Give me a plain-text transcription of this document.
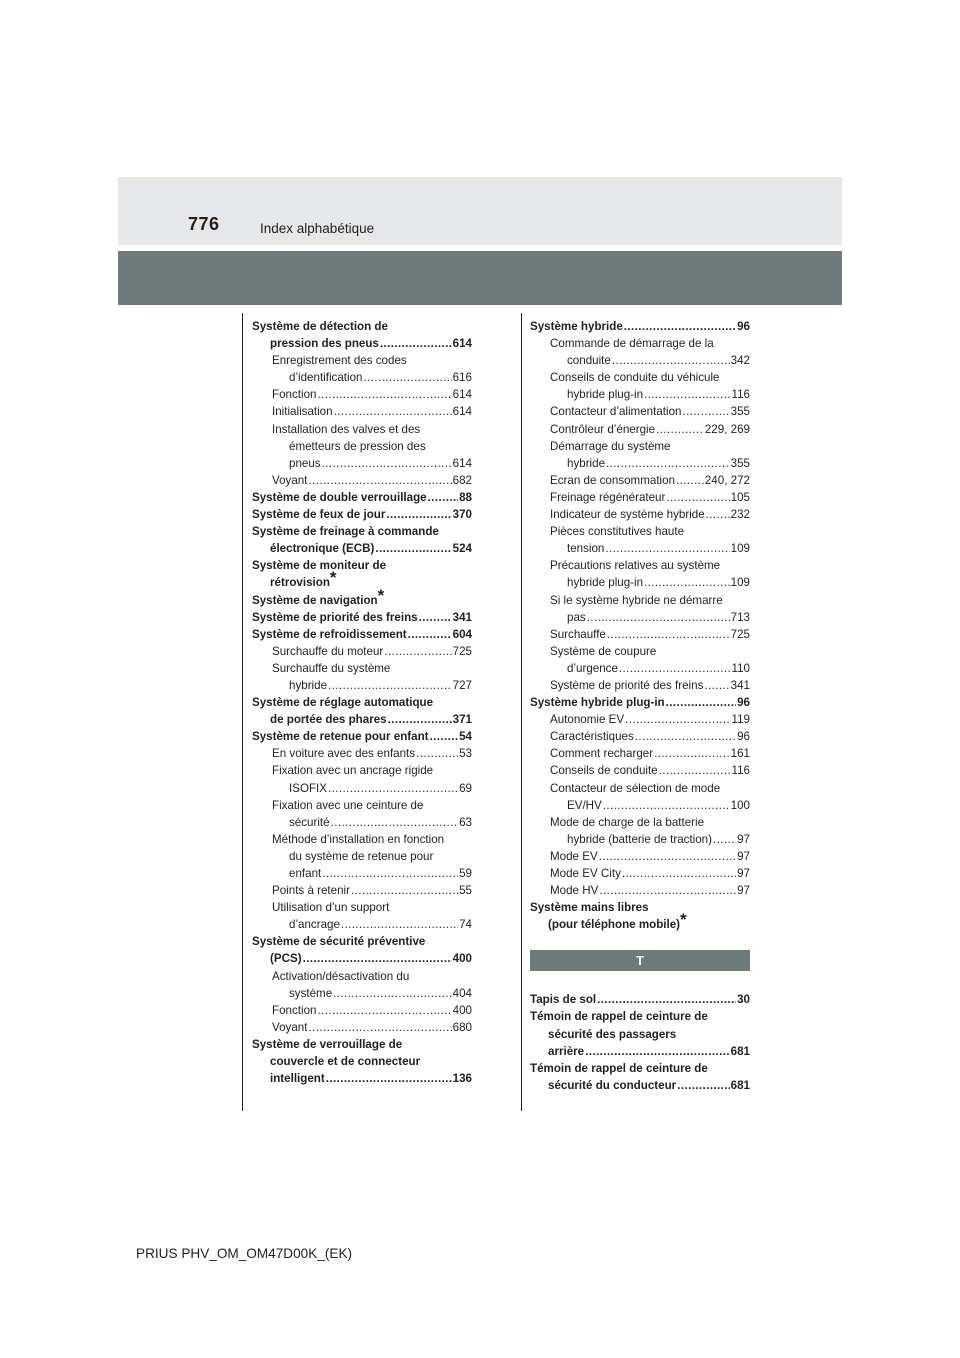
776	Index alphabétique
Système de détection de
pression des pneus .....	614
Enregistrement des codes
d’identification .....	616
Fonction .....	614
Initialisation .....	614
Installation des valves et des
émetteurs de pression des
pneus .....	614
Voyant .....	682
Système de double verrouillage .....	88
Système de feux de jour .....	370
Système de freinage à commande
électronique (ECB) .....	524
Système de moniteur de
rétrovision*
Système de navigation*
Système de priorité des freins .....	341
Système de refroidissement .....	604
Surchauffe du moteur .....	725
Surchauffe du système
hybride .....	727
Système de réglage automatique
de portée des phares .....	371
Système de retenue pour enfant .....	54
En voiture avec des enfants .....	53
Fixation avec un ancrage rigide
ISOFIX .....	69
Fixation avec une ceinture de
sécurité .....	63
Méthode d’installation en fonction
du système de retenue pour
enfant .....	59
Points à retenir .....	55
Utilisation d’un support
d’ancrage .....	74
Système de sécurité préventive
(PCS) .....	400
Activation/désactivation du
système .....	404
Fonction .....	400
Voyant .....	680
Système de verrouillage de
couvercle et de connecteur
intelligent .....	136
Système hybride .....	96
Commande de démarrage de la
conduite .....	342
Conseils de conduite du véhicule
hybride plug-in .....	116
Contacteur d’alimentation .....	355
Contrôleur d’énergie .....	229, 269
Démarrage du système
hybride .....	355
Ecran de consommation .....	240, 272
Freinage régénérateur .....	105
Indicateur de système hybride ..... 232
Pièces constitutives haute
tension .....	109
Précautions relatives au système
hybride plug-in .....	109
Si le système hybride ne démarre
pas .....	713
Surchauffe .....	725
Système de coupure
d’urgence .....	110
Système de priorité des freins ..... 341
Système hybride plug-in .....	96
Autonomie EV .....	119
Caractéristiques .....	96
Comment recharger .....	161
Conseils de conduite .....	116
Contacteur de sélection de mode
EV/HV .....	100
Mode de charge de la batterie
hybride (batterie de traction) ..... 97
Mode EV .....	97
Mode EV City .....	97
Mode HV .....	97
Système mains libres
(pour téléphone mobile)*
T
Tapis de sol .....	30
Témoin de rappel de ceinture de
sécurité des passagers
arrière .....	681
Témoin de rappel de ceinture de
sécurité du conducteur .....	681
PRIUS PHV_OM_OM47D00K_(EK)
